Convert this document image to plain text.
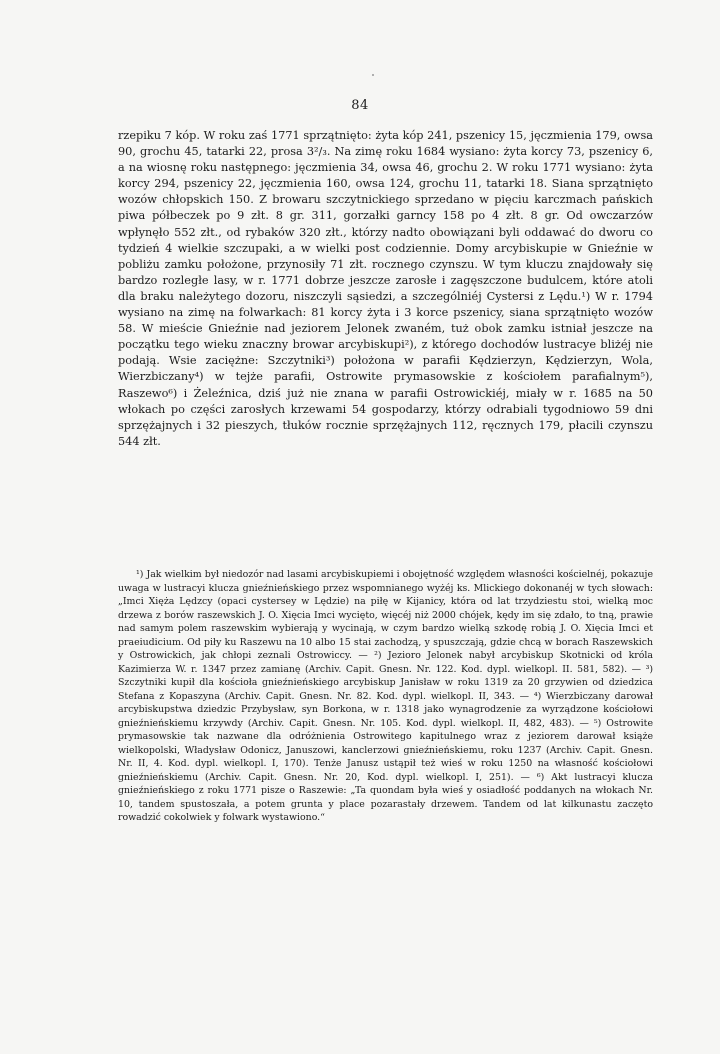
84

rzepiku 7 kóp. W roku zaś 1771 sprzątnięto: żyta kóp 241, pszenicy 15, jęczmienia 179, owsa 90, grochu 45, tatarki 22, prosa 3²/₃. Na zimę roku 1684 wysiano: żyta korcy 73, pszenicy 6, a na wiosnę roku następnego: jęczmienia 34, owsa 46, grochu 2. W roku 1771 wysiano: żyta korcy 294, pszenicy 22, jęczmienia 160, owsa 124, grochu 11, tatarki 18. Siana sprzątnięto wozów chłopskich 150. Z browaru szczytnickiego sprzedano w pięciu karczmach pańskich piwa półbeczek po 9 złt. 8 gr. 311, gorzałki garncy 158 po 4 złt. 8 gr. Od owczarzów wpłynęło 552 złt., od rybaków 320 złt., którzy nadto obowiązani byli oddawać do dworu co tydzień 4 wielkie szczupaki, a w wielki post codziennie. Domy arcybiskupie w Gnieźnie w pobliżu zamku położone, przynosiły 71 złt. rocznego czynszu. W tym kluczu znajdowały się bardzo rozległe lasy, w r. 1771 dobrze jeszcze zarosłe i zagęszczone budulcem, które atoli dla braku należytego dozoru, niszczyli sąsiedzi, a szczególniéj Cystersi z Lędu.¹) W r. 1794 wysiano na zimę na folwarkach: 81 korcy żyta i 3 korce pszenicy, siana sprzątnięto wozów 58. W mieście Gnieźnie nad jeziorem Jelonek zwaném, tuż obok zamku istniał jeszcze na początku tego wieku znaczny browar arcybiskupi²), z którego dochodów lustracye bliżéj nie podają. Wsie zaciężne: Szczytniki³) położona w parafii Kędzierzyn, Kędzierzyn, Wola, Wierzbiczany⁴) w tejże parafii, Ostrowite prymasowskie z kościołem parafialnym⁵), Raszewo⁶) i Żeleźnica, dziś już nie znana w parafii Ostrowickiéj, miały w r. 1685 na 50 włokach po części zarosłych krzewami 54 gospodarzy, którzy odrabiali tygodniowo 59 dni sprzężajnych i 32 pieszych, tłuków rocznie sprzężajnych 112, ręcznych 179, płacili czynszu 544 złt.

¹) Jak wielkim był niedozór nad lasami arcybiskupiemi i obojętność względem własności kościelnéj, pokazuje uwaga w lustracyi klucza gnieźnieńskiego przez wspomnianego wyżéj ks. Mlickiego dokonanéj w tych słowach: „Imci Xięża Lędzcy (opaci cystersey w Lędzie) na piłę w Kijanicy, która od lat trzydziestu stoi, wielką moc drzewa z borów raszewskich J. O. Xięcia Imci wycięto, więcéj niż 2000 chójek, kędy im się zdało, to tną, prawie nad samym polem raszewskim wybierają y wycinają, w czym bardzo wielką szkodę robią J. O. Xięcia Imci et praeiudicium. Od piły ku Raszewu na 10 albo 15 stai zachodzą, y spuszczają, gdzie chcą w borach Raszewskich y Ostrowickich, jak chłopi zeznali Ostrowiccy. — ²) Jezioro Jelonek nabył arcybiskup Skotnicki od króla Kazimierza W. r. 1347 przez zamianę (Archiv. Capit. Gnesn. Nr. 122. Kod. dypl. wielkopl. II. 581, 582). — ³) Szczytniki kupił dla kościoła gnieźnieńskiego arcybiskup Janisław w roku 1319 za 20 grzywien od dziedzica Stefana z Kopaszyna (Archiv. Capit. Gnesn. Nr. 82. Kod. dypl. wielkopl. II, 343. — ⁴) Wierzbiczany darował arcybiskupstwa dziedzic Przybysław, syn Borkona, w r. 1318 jako wynagrodzenie za wyrządzone kościołowi gnieźnieńskiemu krzywdy (Archiv. Capit. Gnesn. Nr. 105. Kod. dypl. wielkopl. II, 482, 483). — ⁵) Ostrowite prymasowskie tak nazwane dla odróżnienia Ostrowitego kapitulnego wraz z jeziorem darował książe wielkopolski, Władysław Odonicz, Januszowi, kanclerzowi gnieźnieńskiemu, roku 1237 (Archiv. Capit. Gnesn. Nr. II, 4. Kod. dypl. wielkopl. I, 170). Tenże Janusz ustąpił też wieś w roku 1250 na własność kościołowi gnieźnieńskiemu (Archiv. Capit. Gnesn. Nr. 20, Kod. dypl. wielkopl. I, 251). — ⁶) Akt lustracyi klucza gnieźnieńskiego z roku 1771 pisze o Raszewie: „Ta quondam była wieś y osiadłość poddanych na włokach Nr. 10, tandem spustoszała, a potem grunta y place pozarastały drzewem. Tandem od lat kilkunastu zaczęto rowadzić cokolwiek y folwark wystawiono.“
